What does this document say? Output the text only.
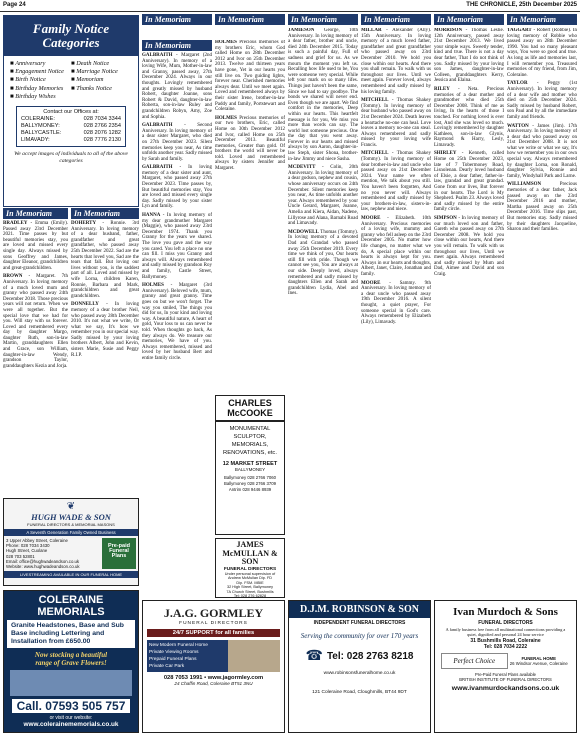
Page 24	THE CHRONICLE, 25th December 2025
Family Notice Categories
■ Anniversary
■ Engagement Notice
■ Birth Notice
■ Birthday Memories
■ Birthday Wishes
■ Death Notice
■ Marriage Notice
■ Memoriam
■ Thanks Notice
Contact our Offices at:
COLERAINE:	028 7034 3344
BALLYMONEY:	028 2766 2354
BALLYCASTLE:	028 2076 1282
LIMAVADY:	028 7776 2130
We accept images of individuals to all of the above categories
In Memoriam
BRADLEY - Emma (Emily). Passed away 23rd December 2021. Time passes by but beautiful memories stay, you are loved and missed every single day. Always missed by sons Geoffrey and James, daughter Eleanor, grandchildren and great-grandchildren.
BROWN - Margaret. 7th Anniversary. In loving memory of a much loved mum and granny who passed away 24th December 2018. Those precious years will not return. When we were all together. But the special love that we had for you. Will stay with us forever. Loved and remembered every day by daughter Margo, daughter Ruth, son-in-law Martin, granddaughters Ellen and Grace, son William, daughter-in-law Wendy, grandson Taylor, granddaughters Kezia and Jorja.
In Memoriam
DOHERTY - Ronnie. 3rd Anniversary. In loving memory of a dear husband, father, grandfather and great grandfather, who passed away 25th December 2022. Sad are the hearts that loved you, Sad are the tears that fall. But loving our lives without you, is the saddest part of all. Loved and missed by wife Lorna, children Karen, Ronnie, Barbara and Mark, grandchildren and great grandchildren.
DONNELLY - In loving memory of a dear brother Neil, who passed away 28th December 2010. It's not what we write, Or what we say, It's how we remember you in our special way. Sadly missed by your loving brothers Albert, John and Kevin, sisters Marie, Susie and Peggy R.I.P.
In Memoriam
GALBRAITH - Margaret (2nd Anniversary). In memory of a loving Wife, Mum, Mother-in-law and Granny, passed away, 27th December 2024. Always in our thoughts. Lovingly remembered and greatly missed by husband Robert, daughter Joanne, sons Robert & David, daughter-in-law Roberta, son-in-law Ruley and grandchildren Robyn, Amy, Zoe and Sophia.
GALBRAITH - Second Anniversary. In loving memory of a dear sister Margaret, who died on 27th December 2023. Silent memories keep you near, As time unfolds another year. Sadly missed by Sarah and family.
GALBRAITH - In loving memory of a dear sister and aunt, Margaret, who passed away 27th December 2023. Time passes by, But beautiful memories stay, You are loved and missed every single day. Sadly missed by your sister Lyn and family.
HANNA - In loving memory of my dear grandmother Margaret (Maggie), who passed away 23rd December 1974. Thank you Granny for the years we shared. The love you gave and the way you cared. You left a place no one can fill. I miss you Granny and always will. Always remembered and sadly missed by grandson Roy and family, Castle Street, Ballymoney.
HOLMES - Margaret (3rd Anniversary). Beloved wife, mum, granny and great granny. Time goes on but we won't forget. The way you smiled, The things you did for us, In your kind and loving way. A beautiful nature, A heart of gold, Your loss to us can never be told. When thoughts go back, As they always do. We treasure our memories, We have of you. Always remembered, missed and loved by her husband Bert and entire family circle.
In Memoriam	In Memoriam
HOLMES Precious memories of my brothers Eric, whom God called Home on 28th December 2012 and Ivor on 25th December 2013. Twelve and thirteen years have gone, Yet in our hearts you still live on. Two guiding lights, forever near. Cherished memories always dear. Until we meet again. Loved and remembered always by their sister Irene, brother-in-law Paddy and family, Portstewart and Coleraine.
HOLMES Precious memories of our two brothers, Eric, called Home on 30th December 2012 and Ivor, called Home on 25th December 2013. Beautiful memories, Greater than gold. Of brothers the world will never be told. Loved and remembered always by sisters Jennifer and Margaret.
In Memoriam
JAMIESON George, 10th Anniversary. In loving memory of a dear father, brother and uncle, died 24th December 2015. Today is such a painful day, Full of sadness and grief for us. As we mourn the moment you left us. Recalling how life used to be, You were someone very special. While left your mark on so many lifes. Things just haven't been the same, Since we had to say goodbye. The bonds we shared will never end. Even though we are apart. We find comfort in the memories, Deep within our hearts. This heartfelt message is for you, We miss you more than words can say. The world lost someone precious. One the day that you went away. Forever in our hearts and missed always by son Aaron, daughter-in-law Steph, sister Shona, brother-in-law Jimmy and niece Sasha.
MCDEVITT - Colin, 20th Anniversary. In loving memory of a dear godson, nephew and cousin, whose anniversary occurs on 24th December. Silent memories keep you near, As time unfolds another year. Always remembered by your Uncle Gerard, Margaret, Joanne, Amelia and Kiera, Aidan, Nadene, Lillyrose and Alana, Barnabi Road and Limavady.
MCDOWELL Thomas (Tommy). In loving memory of a devoted Dad and Grandad who passed away 25th December 2019. Every time we think of you, Our hearts still fill with pride. Though we cannot see you, You are always at our side. Deeply loved, always remembered and sadly missed by daughters Ellen and Sarah and grandchildren Lydia, Abel and Ines.
In Memoriam
MILLAR - Alexander (Ally). 15th Anniversary. In loving memory of a much loved father, grandfather and great grandfather who passed away on 23rd December 2010. We hold you close within our hearts. And there you shall remain. To walk with us throughout our lives. Until we meet again. Forever loved, always remembered and sadly missed by his loving family.
MITCHELL - Thomas Shakey (Tommy). In loving memory of dear husband who passed away on 21st December 2024. Death leaves a heartache no-one can heal. Love leaves a memory no-one can steal. Always remembered and sadly missed by your loving wife Francis.
MITCHELL - Thomas Shakey (Tommy). In loving memory of dear brother-in-law and uncle who passed away on 21st December 2024. Your name we often mention, We talk about you still. You haven't been forgotten, And no you never will. Always remembered and sadly missed by your brothers-in-law, sisters-in-law, nephew and niece.
MOORE - Elizabeth. 10th Anniversary. Precious memories of a loving wife, mummy and granny who fell asleep on the 23rd December 2005. No matter how life changes, no matter what we do, A special place within our hearts is always kept for you. Always in our hearts and thoughts, Albert, Janet, Claire, Jonathan and family.
MOORE - Sammy. 9th Anniversary. In loving memory of a dear uncle who passed away 19th December 2016. A silent thought, a quiet prayer, For someone special in God's care. Always remembered by Elizabeth (Lily), Limavady.
In Memoriam
MORRISON - Thomas Leslie. 12th Anniversary, passed away 21st December 2013. We lived your simple ways. Sweetly tender, kind and true. There is not a day dear father, That I do not think of you. Sadly missed by your loving son James, daughter-in-law Colleen, granddaughters Kerry, Jessica and Elaina.
RILEY - Neta. Precious memories of a dear mother and grandmother who died 25th December 2008. Think of me as living, In the hearts of those I touched. For nothing loved is ever lost, And she was loved so much. Lovingly remembered by daughter Kathleen, son-in-law Glynis, Raymond & Harry, Lesly, Limavady.
SHIRLEY - Kenneth, called Home on 25th December 2023, late of 7 Tobermoney Road, Lisnolenan. Dearly loved husband of Elsie, a dear father, father-in-law, grandad and great grandad. Gone from our lives, But forever in our hearts. The Lord is My Shepherd. Psalm 23. Always loved and sadly missed by the entire family circle.
SIMPSON - In loving memory of our much loved son and father, Gareth who passed away on 27th December 2008. We hold you close within our hearts, And there you will remain. To walk with us throughout our lives, Until we meet again. Always remembered and sadly missed by Mum and Dad, Aimee and David and son Craig.
In Memoriam
TAGGART - Robert (Robbie). In loving memory of Robbie who passed away on 28th December 1990. You had so many pleasant ways, You were so good and true. As long as life and memories last, I will remember you. Treasured memories of my friend, from Jim, Coleraine.
TAYLOR - Peggy (1st Anniversary). In loving memory of a dear wife and mother who died on 25th December 2024. Sadly missed by husband Robert, son Paul and by all the immediate family and friends.
WATTON - James (Jim). 17th Anniversary. In loving memory of a dear dad who passed away on 21st December 2008. It is not what we write or what we say, It's how we remember you in our own special way. Always remembered by daughter Lorna, son Ronald, daughter Sylvia, Ronnie and family, Windyhall Park and Larne.
WILLIAMSON	Precious memories of a dear father, Jack passed away on the 23rd December 2016 and mother, Martha passed away on 25th December 2016. Time slips past, But memories stay. Sadly missed by their daughters Jacqueline, Sharon and their families.
❦
HUGH WADE & SON
FUNERAL DIRECTORS & MEMORIAL MASONS
A Seventh Generation Family Owned Business
3 Upper Abbey Street, Coleraine
Phone: 028 7034 3430
Hugh Street, Cuolane
028 703 52801
Email: office@hughwadeandson.co.uk
Website: www.hughwadeandson.co.uk
Pre-paid Funeral Plans
LIVESTREAMING AVAILABLE IN OUR FUNERAL HOME
COLERAINE MEMORIALS
Granite Headstones, Base and Sub
Base including Lettering and
Installation from £650.00
Now stocking a beautiful
range of Grave Flowers!
Call. 07593 505 757
or visit our website:
www.colerainememorials.co.uk
CHARLES McCOOKE
MONUMENTAL
SCULPTOR,
MEMORIALS,
RENOVATIONS, etc.
12 MARKET STREET
BALLYMONEY
Ballymoney 028 2766 7060
Ballymoney 028 2766 3709
Antrim 028 9446 8939
JAMES McMULLAN & SON
FUNERAL DIRECTORS
Under personal supervision of
Andrew McMullan Dip. FD
Dip. FSM. MBIE
32 High Street, Ballymoney
7A Church Street, Bushmills
Tel: 028 276 62828
J.A.G. GORMLEY
FUNERAL DIRECTORS
24/7 SUPPORT for all families
New Modern Funeral Home
Private Viewing Rooms
Prepaid Funeral Plans
Private Car Park
028 7053 1991 • www.jagormley.com
24 Chaffin Road, Coleraine BT51 3NU
D.J.M. ROBINSON & SON
INDEPENDENT FUNERAL DIRECTORS
Serving the community for over 170 years
☎ Tel: 028 2763 8218
www.robinsonsfuneralhome.co.uk
121 Coleraine Road, Cloughmills, BT44 9DT
Ivan Murdoch & Sons
FUNERAL DIRECTORS
A family business free from all multinational connections providing a quiet, dignified and personal 24 hour service
31 Bushmills Road, Coleraine
Tel: 028 7034 2222
Perfect Choice	FUNERAL HOME
26 Windsor Avenue, Coleraine
Pre-Paid Funeral Plans available
BRITISH INSTITUTE OF FUNERAL DIRECTORS
www.ivanmurdockandsons.co.uk
